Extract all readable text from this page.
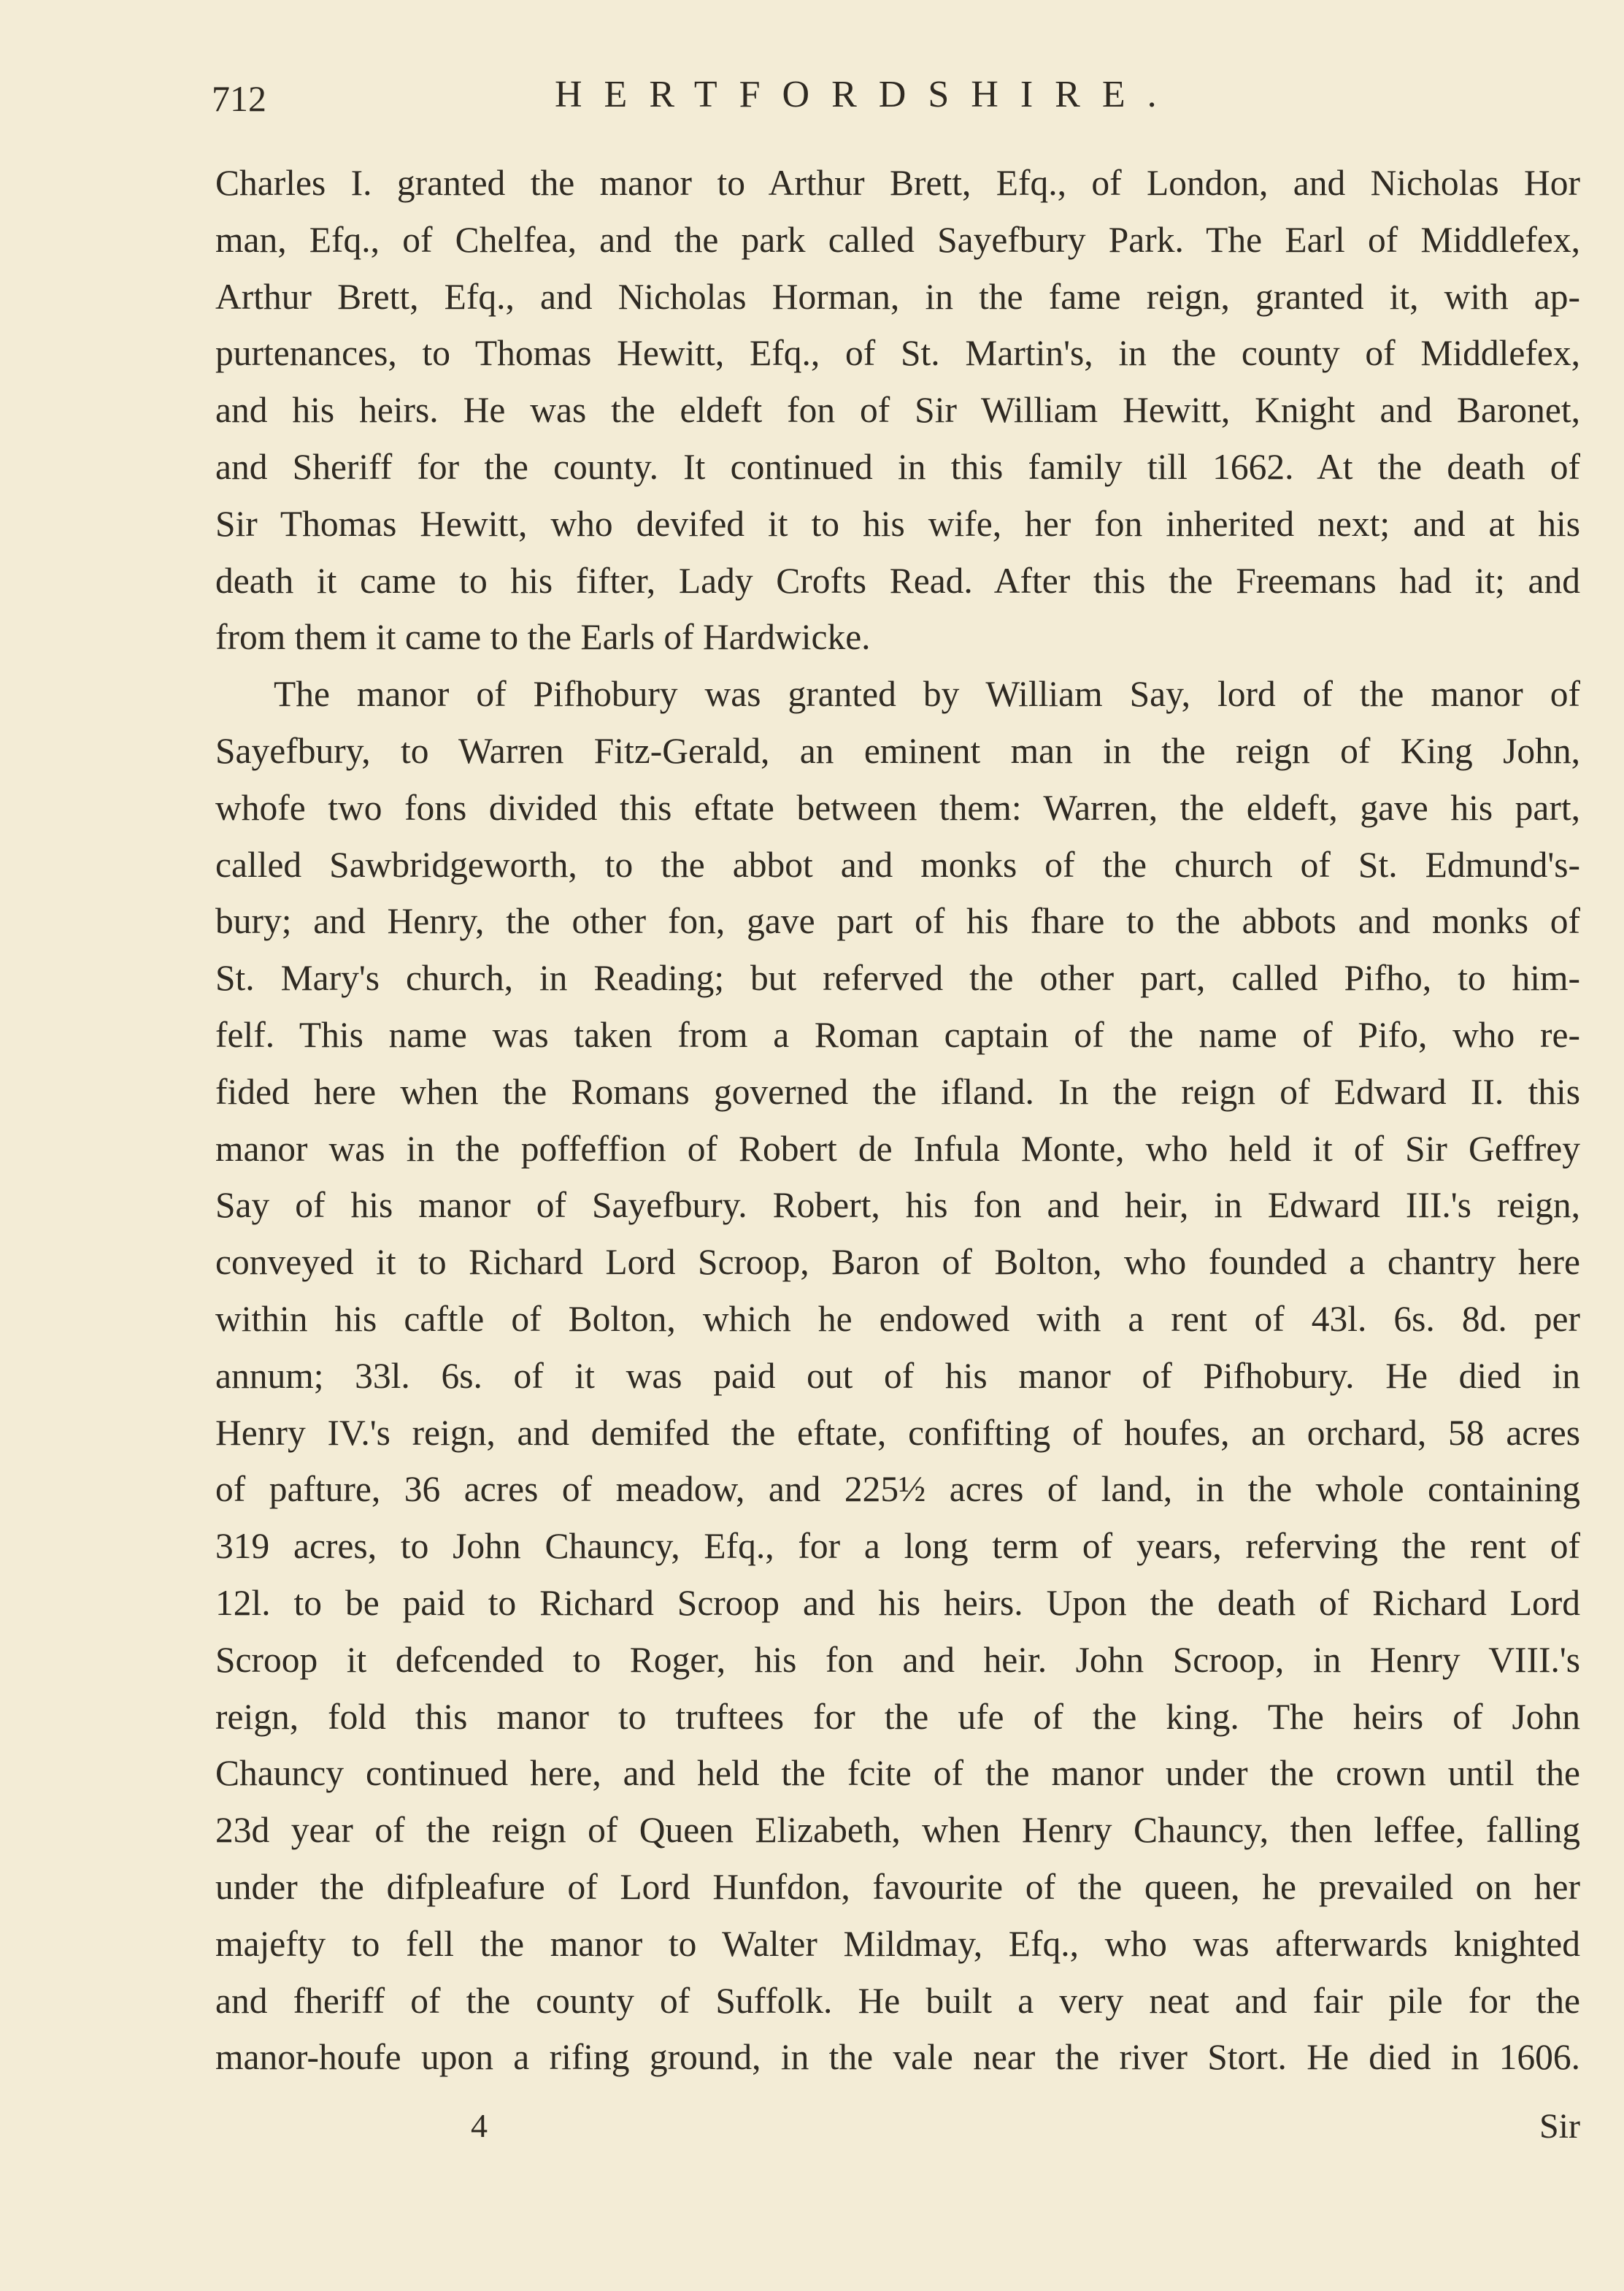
712	HERTFORDSHIRE.
Charles I. granted the manor to Arthur Brett, Efq., of London, and Nicholas Hor
man, Efq., of Chelfea, and the park called Sayefbury Park. The Earl of Middlefex,
Arthur Brett, Efq., and Nicholas Horman, in the fame reign, granted it, with ap-
purtenances, to Thomas Hewitt, Efq., of St. Martin's, in the county of Middlefex,
and his heirs. He was the eldeft fon of Sir William Hewitt, Knight and Baronet,
and Sheriff for the county. It continued in this family till 1662. At the death of
Sir Thomas Hewitt, who devifed it to his wife, her fon inherited next; and at his
death it came to his fifter, Lady Crofts Read. After this the Freemans had it; and
from them it came to the Earls of Hardwicke.
The manor of Pifhobury was granted by William Say, lord of the manor of
Sayefbury, to Warren Fitz-Gerald, an eminent man in the reign of King John,
whofe two fons divided this eftate between them: Warren, the eldeft, gave his part,
called Sawbridgeworth, to the abbot and monks of the church of St. Edmund's-
bury; and Henry, the other fon, gave part of his fhare to the abbots and monks of
St. Mary's church, in Reading; but referved the other part, called Pifho, to him-
felf. This name was taken from a Roman captain of the name of Pifo, who re-
fided here when the Romans governed the ifland. In the reign of Edward II. this
manor was in the poffeffion of Robert de Infula Monte, who held it of Sir Geffrey
Say of his manor of Sayefbury. Robert, his fon and heir, in Edward III.'s reign,
conveyed it to Richard Lord Scroop, Baron of Bolton, who founded a chantry here
within his caftle of Bolton, which he endowed with a rent of 43l. 6s. 8d. per
annum; 33l. 6s. of it was paid out of his manor of Pifhobury. He died in
Henry IV.'s reign, and demifed the eftate, confifting of houfes, an orchard, 58 acres
of pafture, 36 acres of meadow, and 225½ acres of land, in the whole containing
319 acres, to John Chauncy, Efq., for a long term of years, referving the rent of
12l. to be paid to Richard Scroop and his heirs. Upon the death of Richard Lord
Scroop it defcended to Roger, his fon and heir. John Scroop, in Henry VIII.'s
reign, fold this manor to truftees for the ufe of the king. The heirs of John
Chauncy continued here, and held the fcite of the manor under the crown until the
23d year of the reign of Queen Elizabeth, when Henry Chauncy, then leffee, falling
under the difpleafure of Lord Hunfdon, favourite of the queen, he prevailed on her
majefty to fell the manor to Walter Mildmay, Efq., who was afterwards knighted
and fheriff of the county of Suffolk. He built a very neat and fair pile for the
manor-houfe upon a rifing ground, in the vale near the river Stort. He died in 1606.
4	Sir
